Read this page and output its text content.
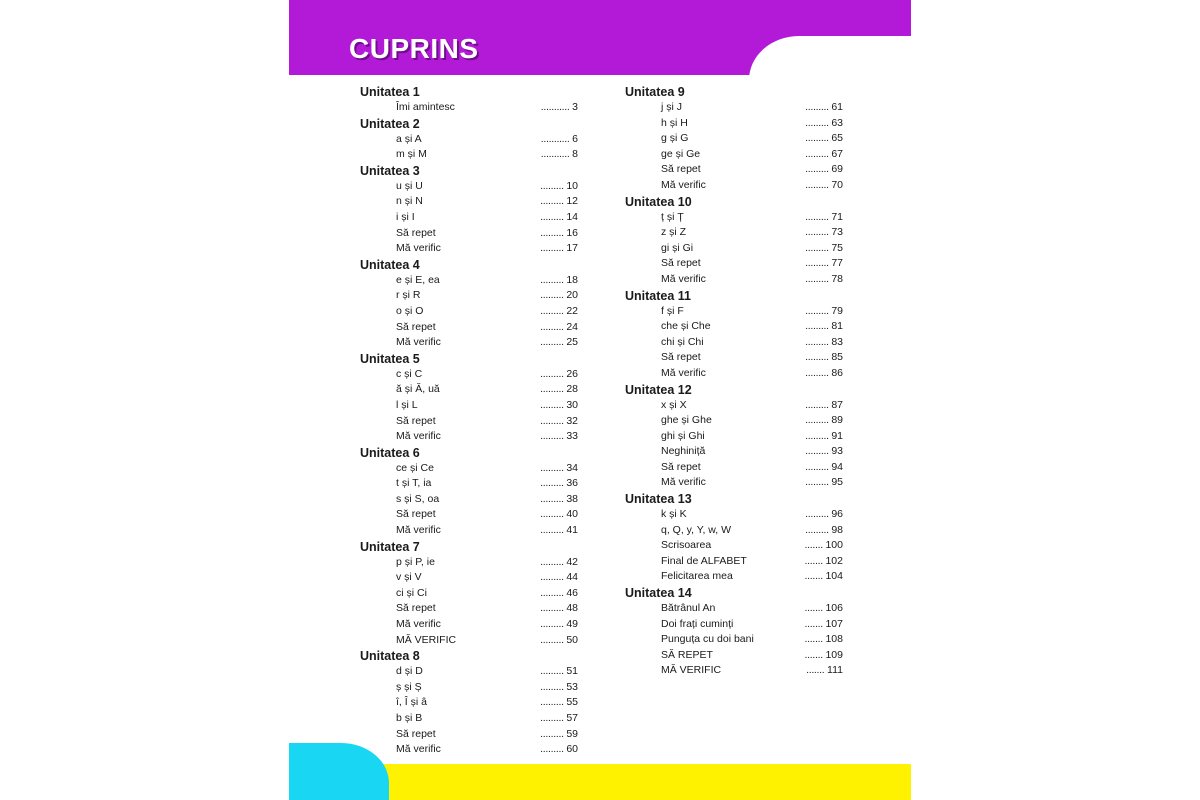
CUPRINS
Unitatea 1
Îmi amintesc	........... 3
Unitatea 2
a și A	........... 6
m și M	........... 8
Unitatea 3
u și U	......... 10
n și N	......... 12
i și I	......... 14
Să repet	......... 16
Mă verific	......... 17
Unitatea 4
e și E, ea	......... 18
r și R	......... 20
o și O	......... 22
Să repet	......... 24
Mă verific	......... 25
Unitatea 5
c și C	......... 26
ă și Ă, uă	......... 28
l și L	......... 30
Să repet	......... 32
Mă verific	......... 33
Unitatea 6
ce și Ce	......... 34
t și T, ia	......... 36
s și S, oa	......... 38
Să repet	......... 40
Mă verific	......... 41
Unitatea 7
p și P, ie	......... 42
v și V	......... 44
ci și Ci	......... 46
Să repet	......... 48
Mă verific	......... 49
MĂ VERIFIC	......... 50
Unitatea 8
d și D	......... 51
ș și Ș	......... 53
î, Î și â	......... 55
b și B	......... 57
Să repet	......... 59
Mă verific	......... 60
Unitatea 9
j și J	......... 61
h și H	......... 63
g și G	......... 65
ge și Ge	......... 67
Să repet	......... 69
Mă verific	......... 70
Unitatea 10
ț și Ț	......... 71
z și Z	......... 73
gi și Gi	......... 75
Să repet	......... 77
Mă verific	......... 78
Unitatea 11
f și F	......... 79
che și Che	......... 81
chi și Chi	......... 83
Să repet	......... 85
Mă verific	......... 86
Unitatea 12
x și X	......... 87
ghe și Ghe	......... 89
ghi și Ghi	......... 91
Neghiniță	......... 93
Să repet	......... 94
Mă verific	......... 95
Unitatea 13
k și K	......... 96
q, Q, y, Y, w, W	......... 98
Scrisoarea	....... 100
Final de ALFABET	....... 102
Felicitarea mea	....... 104
Unitatea 14
Bătrânul An	....... 106
Doi frați cuminți	....... 107
Punguța cu doi bani	....... 108
SĂ REPET	....... 109
MĂ VERIFIC	....... 111
